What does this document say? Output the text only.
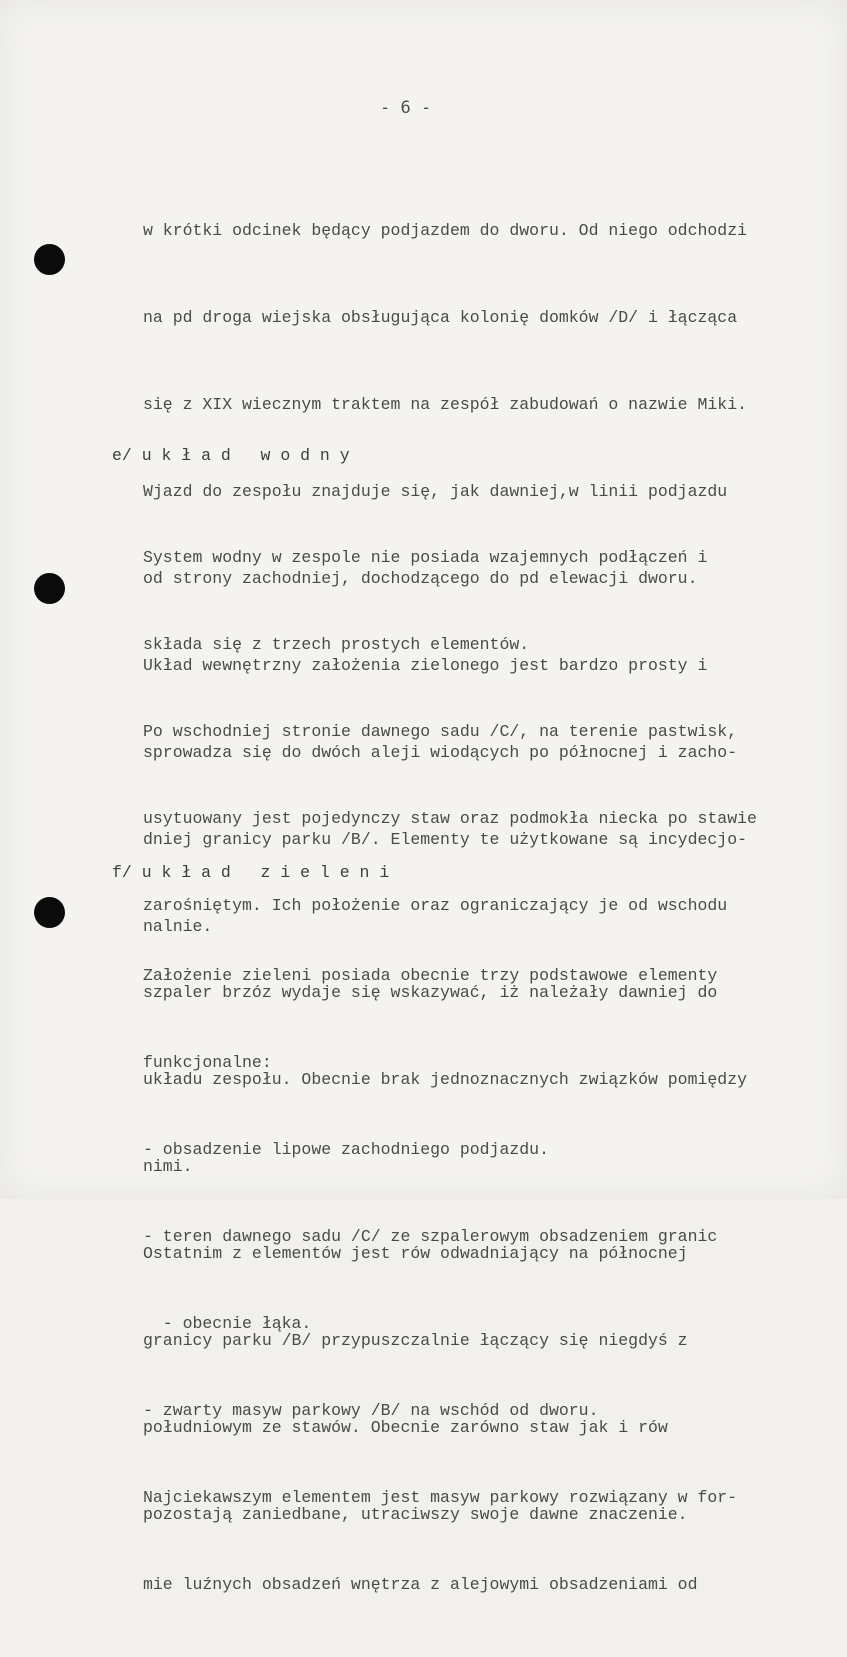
- 6 -

w krótki odcinek będący podjazdem do dworu. Od niego odchodzi

na pd droga wiejska obsługująca kolonię domków /D/ i łącząca

się z XIX wiecznym traktem na zespół zabudowań o nazwie Miki.

Wjazd do zespołu znajduje się, jak dawniej,w linii podjazdu

od strony zachodniej, dochodzącego do pd elewacji dworu.

Układ wewnętrzny założenia zielonego jest bardzo prosty i

sprowadza się do dwóch aleji wiodących po północnej i zacho-

dniej granicy parku /B/. Elementy te użytkowane są incydecjo-

nalnie.

e/ u k ł a d   w o d n y

System wodny w zespole nie posiada wzajemnych podłączeń i

składa się z trzech prostych elementów.

Po wschodniej stronie dawnego sadu /C/, na terenie pastwisk,

usytuowany jest pojedynczy staw oraz podmokła niecka po stawie

zarośniętym. Ich położenie oraz ograniczający je od wschodu

szpaler brzóz wydaje się wskazywać, iż należały dawniej do

układu zespołu. Obecnie brak jednoznacznych związków pomiędzy

nimi.

Ostatnim z elementów jest rów odwadniający na północnej

granicy parku /B/ przypuszczalnie łączący się niegdyś z

południowym ze stawów. Obecnie zarówno staw jak i rów

pozostają zaniedbane, utraciwszy swoje dawne znaczenie.

f/ u k ł a d   z i e l e n i

Założenie zieleni posiada obecnie trzy podstawowe elementy

funkcjonalne:

- obsadzenie lipowe zachodniego podjazdu.

- teren dawnego sadu /C/ ze szpalerowym obsadzeniem granic

- obecnie łąka.

- zwarty masyw parkowy /B/ na wschód od dworu.

Najciekawszym elementem jest masyw parkowy rozwiązany w for-

mie luźnych obsadzeń wnętrza z alejowymi obsadzeniami od
